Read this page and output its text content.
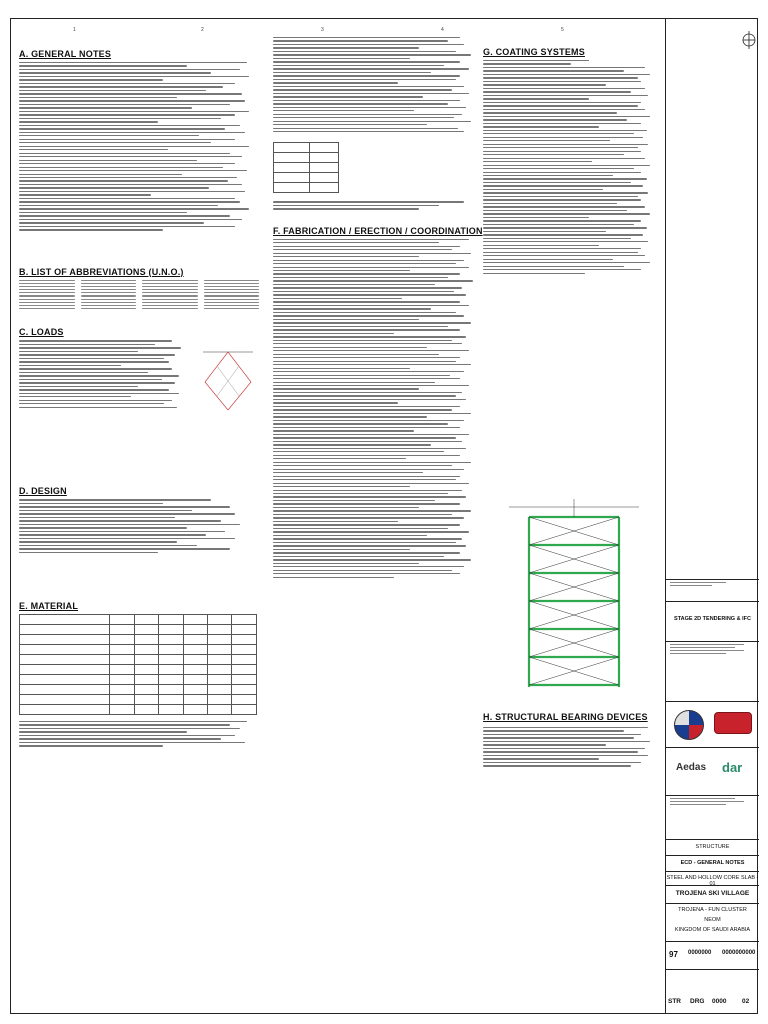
1	2	3	4	5
A. GENERAL NOTES
B. LIST OF ABBREVIATIONS (U.N.O.)
C. LOADS
D. DESIGN
E. MATERIAL

F. FABRICATION / ERECTION / COORDINATION
G. COATING SYSTEMS
H. STRUCTURAL BEARING DEVICES
STAGE 2D TENDERING & IFC
Aedas dar
STRUCTURE
ECD - GENERAL NOTES
STEEL AND HOLLOW CORE SLAB - 01
TROJENA SKI VILLAGE
TROJENA - FUN CLUSTER
NEOM
KINGDOM OF SAUDI ARABIA
97 0000000 0000000000
STR DRG 0000 02
